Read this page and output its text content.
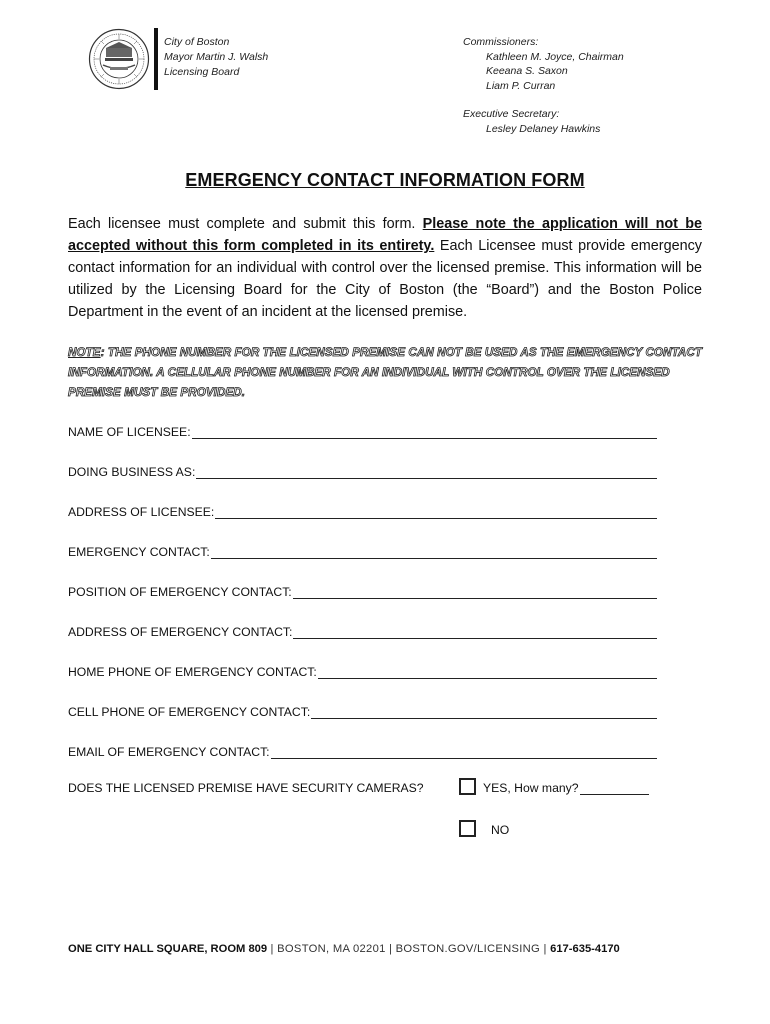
City of Boston
Mayor Martin J. Walsh
Licensing Board
Commissioners:
Kathleen M. Joyce, Chairman
Keeana S. Saxon
Liam P. Curran
Executive Secretary:
Lesley Delaney Hawkins
EMERGENCY CONTACT INFORMATION FORM
Each licensee must complete and submit this form. Please note the application will not be accepted without this form completed in its entirety. Each Licensee must provide emergency contact information for an individual with control over the licensed premise. This information will be utilized by the Licensing Board for the City of Boston (the “Board”) and the Boston Police Department in the event of an incident at the licensed premise.
NOTE: THE PHONE NUMBER FOR THE LICENSED PREMISE CAN NOT BE USED AS THE EMERGENCY CONTACT INFORMATION. A CELLULAR PHONE NUMBER FOR AN INDIVIDUAL WITH CONTROL OVER THE LICENSED PREMISE MUST BE PROVIDED.
NAME OF LICENSEE:
DOING BUSINESS AS:
ADDRESS OF LICENSEE:
EMERGENCY CONTACT:
POSITION OF EMERGENCY CONTACT:
ADDRESS OF EMERGENCY CONTACT:
HOME PHONE OF EMERGENCY CONTACT:
CELL PHONE OF EMERGENCY CONTACT:
EMAIL OF EMERGENCY CONTACT:
DOES THE LICENSED PREMISE HAVE SECURITY CAMERAS?	YES, How many?
NO
ONE CITY HALL SQUARE, ROOM 809 | BOSTON, MA 02201 | BOSTON.GOV/LICENSING | 617-635-4170
